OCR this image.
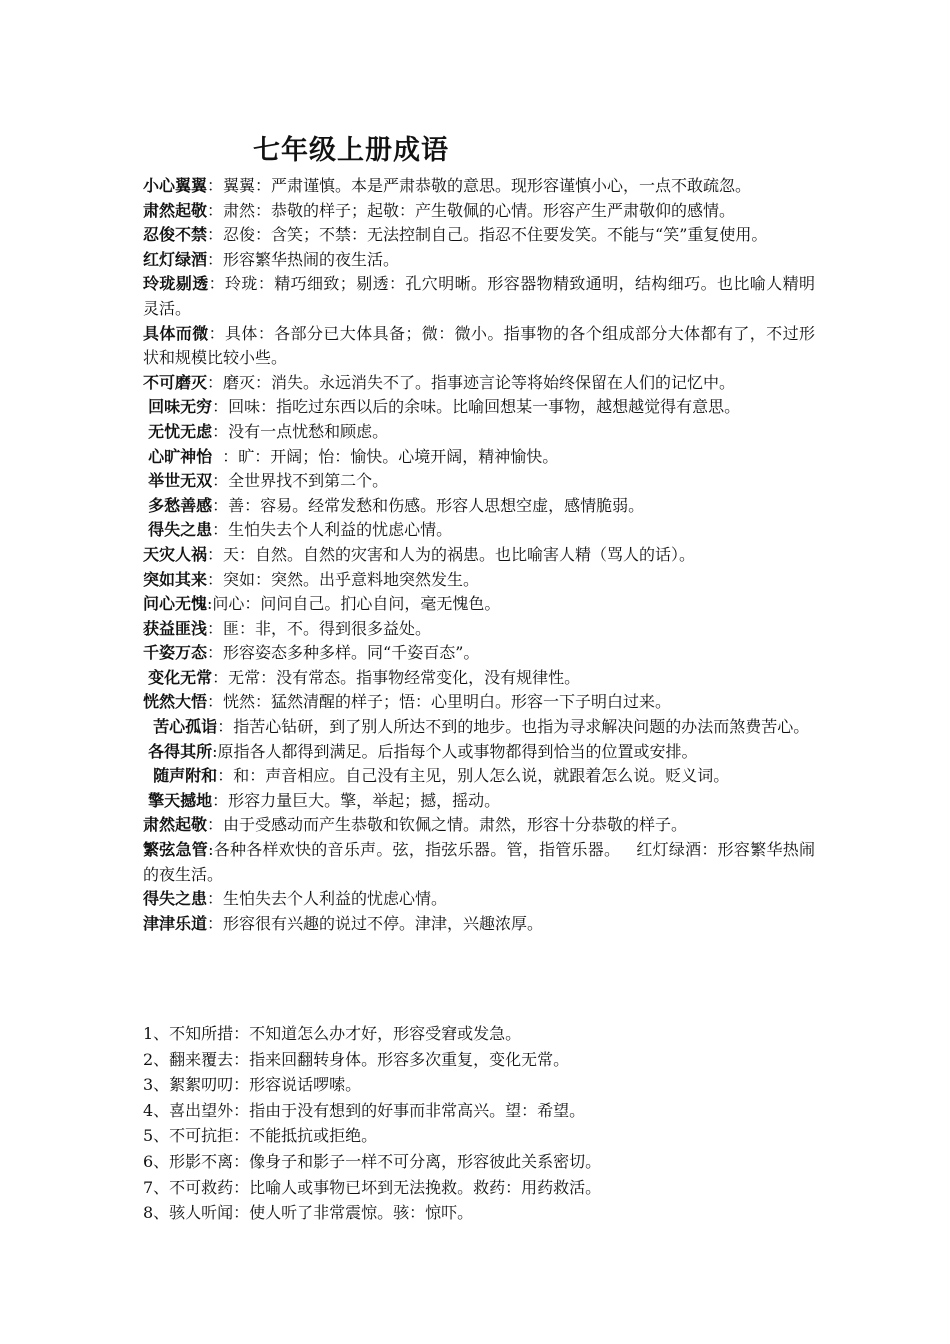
七年级上册成语

小心翼翼：翼翼：严肃谨慎。本是严肃恭敬的意思。现形容谨慎小心，一点不敢疏忽。

肃然起敬：肃然：恭敬的样子；起敬：产生敬佩的心情。形容产生严肃敬仰的感情。

忍俊不禁：忍俊：含笑；不禁：无法控制自己。指忍不住要发笑。不能与“笑”重复使用。

红灯绿酒：形容繁华热闹的夜生活。

玲珑剔透：玲珑：精巧细致；剔透：孔穴明晰。形容器物精致通明，结构细巧。也比喻人精明灵活。

具体而微：具体：各部分已大体具备；微：微小。指事物的各个组成部分大体都有了，不过形状和规模比较小些。

不可磨灭：磨灭：消失。永远消失不了。指事迹言论等将始终保留在人们的记忆中。

回味无穷：回味：指吃过东西以后的余味。比喻回想某一事物，越想越觉得有意思。

无忧无虑：没有一点忧愁和顾虑。

心旷神怡  ：旷：开阔；怡：愉快。心境开阔，精神愉快。

举世无双：全世界找不到第二个。

多愁善感：善：容易。经常发愁和伤感。形容人思想空虚，感情脆弱。

得失之患：生怕失去个人利益的忧虑心情。

天灾人祸：天：自然。自然的灾害和人为的祸患。也比喻害人精（骂人的话）。

突如其来：突如：突然。出乎意料地突然发生。

问心无愧:问心：问问自己。扪心自问，毫无愧色。

获益匪浅：匪：非，不。得到很多益处。

千姿万态：形容姿态多种多样。同“千姿百态”。

变化无常：无常：没有常态。指事物经常变化，没有规律性。

恍然大悟：恍然：猛然清醒的样子；悟：心里明白。形容一下子明白过来。

苦心孤诣：指苦心钻研，到了别人所达不到的地步。也指为寻求解决问题的办法而煞费苦心。

各得其所:原指各人都得到满足。后指每个人或事物都得到恰当的位置或安排。

随声附和：和：声音相应。自己没有主见，别人怎么说，就跟着怎么说。贬义词。

擎天撼地：形容力量巨大。擎，举起；撼，摇动。

肃然起敬：由于受感动而产生恭敬和钦佩之情。肃然，形容十分恭敬的样子。

繁弦急管:各种各样欢快的音乐声。弦，指弦乐器。管，指管乐器。   红灯绿酒：形容繁华热闹的夜生活。

得失之患：生怕失去个人利益的忧虑心情。

津津乐道：形容很有兴趣的说过不停。津津，兴趣浓厚。

1、不知所措：不知道怎么办才好，形容受窘或发急。
2、翻来覆去：指来回翻转身体。形容多次重复，变化无常。
3、絮絮叨叨：形容说话啰嗦。
4、喜出望外：指由于没有想到的好事而非常高兴。望：希望。
5、不可抗拒：不能抵抗或拒绝。
6、形影不离：像身子和影子一样不可分离，形容彼此关系密切。
7、不可救药：比喻人或事物已坏到无法挽救。救药：用药救活。
8、骇人听闻：使人听了非常震惊。骇：惊吓。
